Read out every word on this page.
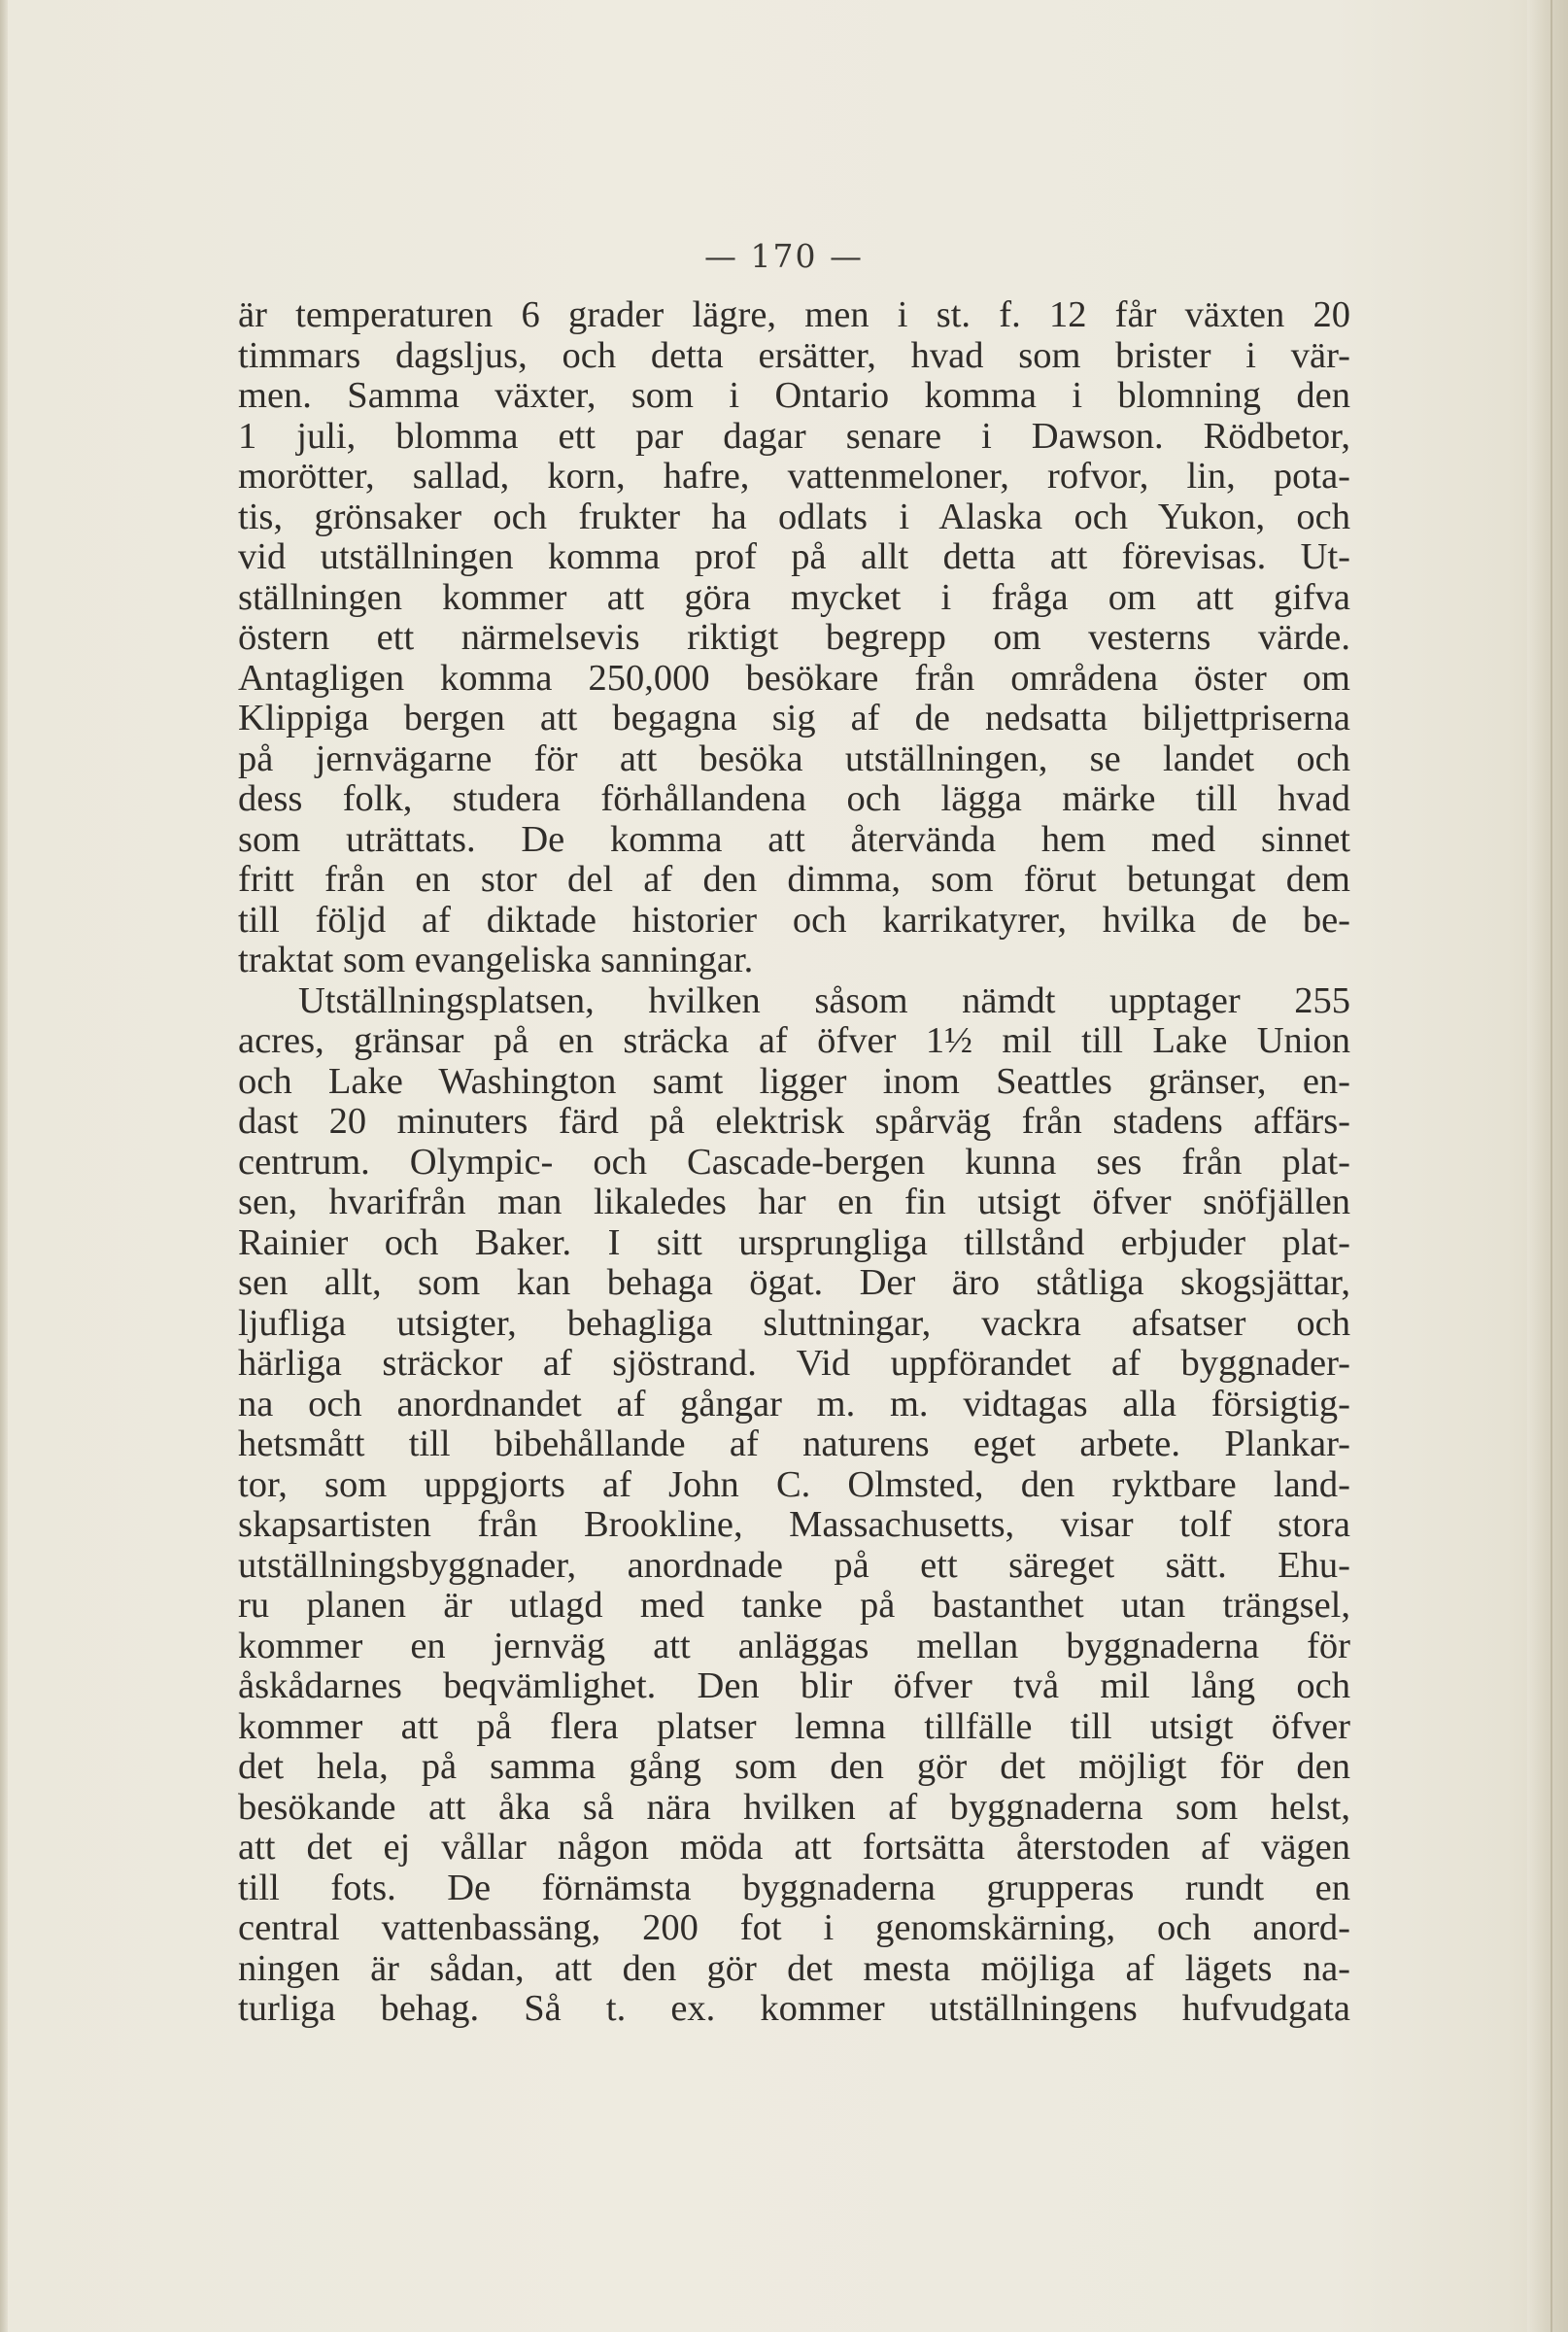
— 170 —

är temperaturen 6 grader lägre, men i st. f. 12 får växten 20
timmars dagsljus, och detta ersätter, hvad som brister i vär-
men. Samma växter, som i Ontario komma i blomning den
1 juli, blomma ett par dagar senare i Dawson. Rödbetor,
morötter, sallad, korn, hafre, vattenmeloner, rofvor, lin, pota-
tis, grönsaker och frukter ha odlats i Alaska och Yukon, och
vid utställningen komma prof på allt detta att förevisas. Ut-
ställningen kommer att göra mycket i fråga om att gifva
östern ett närmelsevis riktigt begrepp om vesterns värde.
Antagligen komma 250,000 besökare från områdena öster om
Klippiga bergen att begagna sig af de nedsatta biljettpriserna
på jernvägarne för att besöka utställningen, se landet och
dess folk, studera förhållandena och lägga märke till hvad
som uträttats. De komma att återvända hem med sinnet
fritt från en stor del af den dimma, som förut betungat dem
till följd af diktade historier och karrikatyrer, hvilka de be-
traktat som evangeliska sanningar.
Utställningsplatsen, hvilken såsom nämdt upptager 255
acres, gränsar på en sträcka af öfver 1½ mil till Lake Union
och Lake Washington samt ligger inom Seattles gränser, en-
dast 20 minuters färd på elektrisk spårväg från stadens affärs-
centrum. Olympic- och Cascade-bergen kunna ses från plat-
sen, hvarifrån man likaledes har en fin utsigt öfver snöfjällen
Rainier och Baker. I sitt ursprungliga tillstånd erbjuder plat-
sen allt, som kan behaga ögat. Der äro ståtliga skogsjättar,
ljufliga utsigter, behagliga sluttningar, vackra afsatser och
härliga sträckor af sjöstrand. Vid uppförandet af byggnader-
na och anordnandet af gångar m. m. vidtagas alla försigtig-
hetsmått till bibehållande af naturens eget arbete. Plankar-
tor, som uppgjorts af John C. Olmsted, den ryktbare land-
skapsartisten från Brookline, Massachusetts, visar tolf stora
utställningsbyggnader, anordnade på ett säreget sätt. Ehu-
ru planen är utlagd med tanke på bastanthet utan trängsel,
kommer en jernväg att anläggas mellan byggnaderna för
åskådarnes beqvämlighet. Den blir öfver två mil lång och
kommer att på flera platser lemna tillfälle till utsigt öfver
det hela, på samma gång som den gör det möjligt för den
besökande att åka så nära hvilken af byggnaderna som helst,
att det ej vållar någon möda att fortsätta återstoden af vägen
till fots. De förnämsta byggnaderna grupperas rundt en
central vattenbassäng, 200 fot i genomskärning, och anord-
ningen är sådan, att den gör det mesta möjliga af lägets na-
turliga behag. Så t. ex. kommer utställningens hufvudgata
